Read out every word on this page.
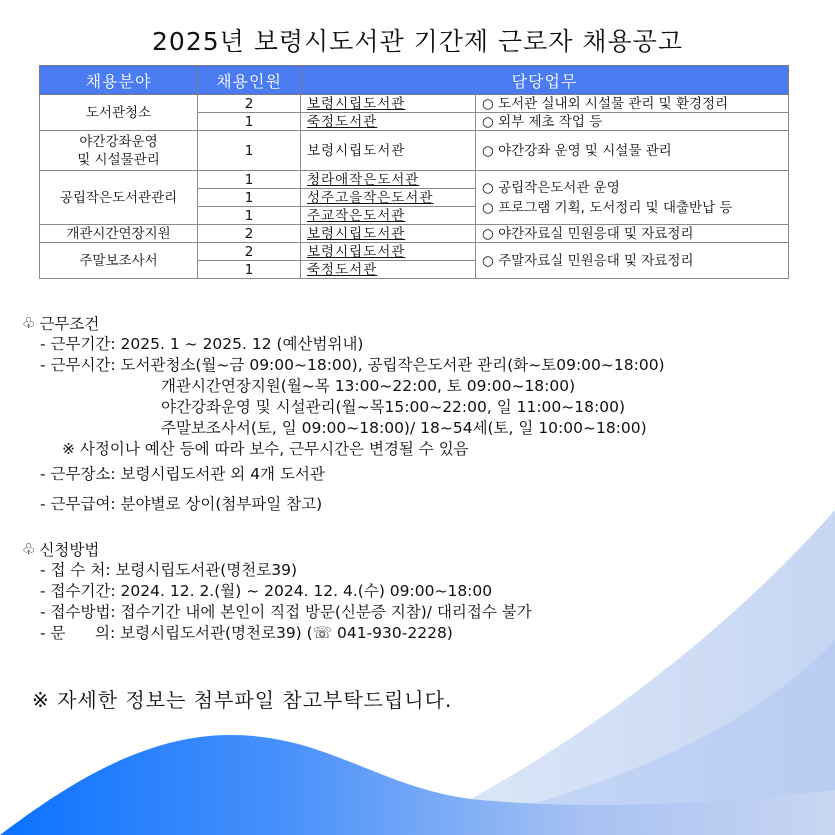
2025년 보령시도서관 기간제 근로자 채용공고
채용분야	채용인원	담당업무	
도서관청소	2	보령시립도서관	○ 도서관 실내외 시설물 관리 및 환경정리
	1	죽정도서관	○ 외부 제초 작업 등

야간강좌운영
및 시설물관리	1	보령시립도서관	○ 야간강좌 운영 및 시설물 관리
공립작은도서관관리	1	청라애작은도서관	○ 공립작은도서관 운영
○ 프로그램 기획, 도서정리 및 대출반납 등

	1	성주고을작은도서관	
	1	주교작은도서관	
개관시간연장지원	2	보령시립도서관	○ 야간자료실 민원응대 및 자료정리
주말보조사서	2	보령시립도서관	○ 주말자료실 민원응대 및 자료정리
	1	죽정도서관	
♧ 근무조건
- 근무기간: 2025. 1 ~ 2025. 12 (예산범위내)
- 근무시간: 도서관청소(월~금 09:00~18:00), 공립작은도서관 관리(화~토09:00~18:00)
개관시간연장지원(월~목 13:00~22:00, 토 09:00~18:00)
야간강좌운영 및 시설관리(월~목15:00~22:00, 일 11:00~18:00)
주말보조사서(토, 일 09:00~18:00)/ 18~54세(토, 일 10:00~18:00)
※ 사정이나 예산 등에 따라 보수, 근무시간은 변경될 수 있음
- 근무장소: 보령시립도서관 외 4개 도서관
- 근무급여: 분야별로 상이(첨부파일 참고)
♧ 신청방법
- 접 수 처: 보령시립도서관(명천로39)
- 접수기간: 2024. 12. 2.(월) ~ 2024. 12. 4.(수) 09:00~18:00
- 접수방법: 접수기간 내에 본인이 직접 방문(신분증 지참)/ 대리접수 불가
- 문      의: 보령시립도서관(명천로39) (☏ 041-930-2228)
※ 자세한 정보는 첨부파일 참고부탁드립니다.
